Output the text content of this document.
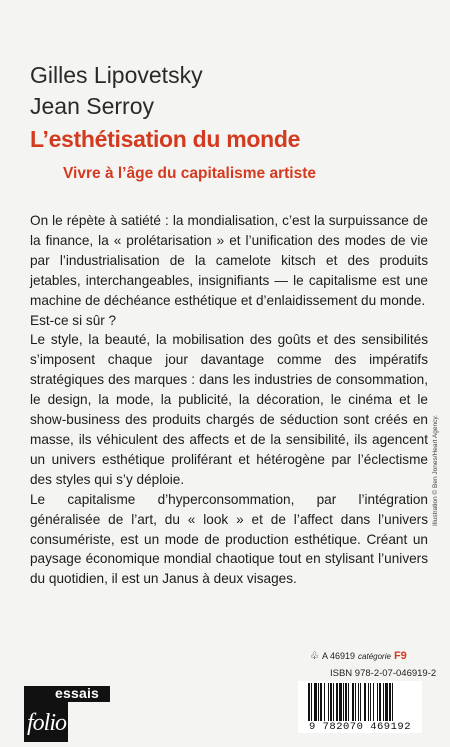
Gilles Lipovetsky
Jean Serroy
L’esthétisation du monde
Vivre à l’âge du capitalisme artiste

On le répète à satiété : la mondialisation, c’est la surpuissance de la finance, la « prolétarisation » et l’unification des modes de vie par l’industrialisation de la camelote kitsch et des produits jetables, interchangeables, insignifiants — le capitalisme est une machine de déchéance esthétique et d’enlaidissement du monde.

Est-ce si sûr ?

Le style, la beauté, la mobilisation des goûts et des sensibilités s’imposent chaque jour davantage comme des impératifs stratégiques des marques : dans les industries de consommation, le design, la mode, la publicité, la décoration, le cinéma et le show-business des produits chargés de séduction sont créés en masse, ils véhiculent des affects et de la sensibilité, ils agencent un univers esthétique proliférant et hétérogène par l’éclectisme des styles qui s’y déploie.

Le capitalisme d’hyperconsommation, par l’intégration généralisée de l’art, du « look » et de l’affect dans l’univers consumériste, est un mode de production esthétique. Créant un paysage économique mondial chaotique tout en stylisant l’univers du quotidien, il est un Janus à deux visages.

Illustration © Ben Jones/Heart Agency.
♧ A 46919 catégorie F9
ISBN 978-2-07-046919-2
9 782070 469192
essais
folio
